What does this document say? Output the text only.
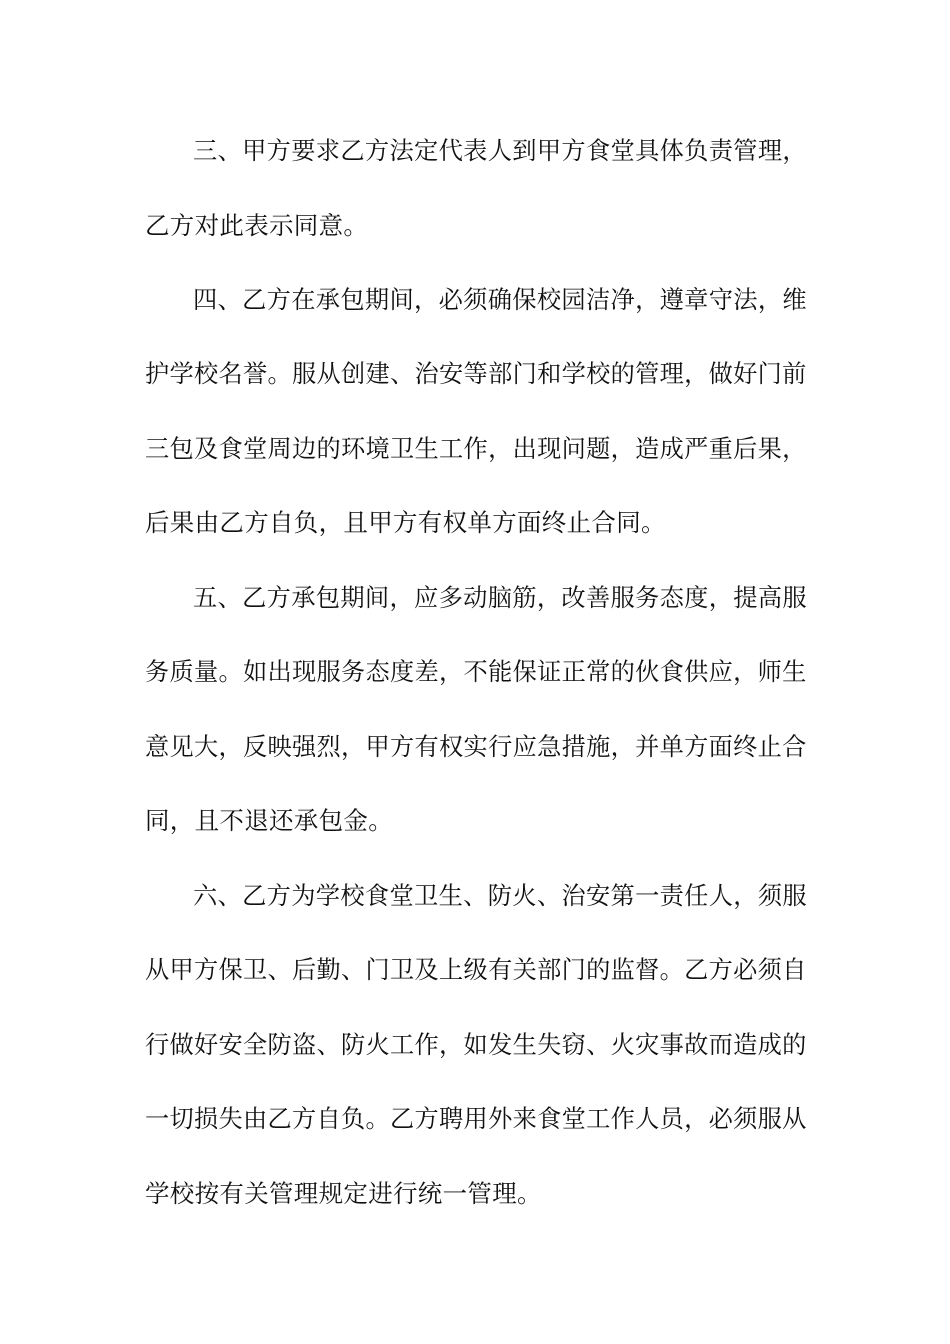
三、甲方要求乙方法定代表人到甲方食堂具体负责管理，
乙方对此表示同意。
四、乙方在承包期间，必须确保校园洁净，遵章守法，维
护学校名誉。服从创建、治安等部门和学校的管理，做好门前
三包及食堂周边的环境卫生工作，出现问题，造成严重后果，
后果由乙方自负，且甲方有权单方面终止合同。
五、乙方承包期间，应多动脑筋，改善服务态度，提高服
务质量。如出现服务态度差，不能保证正常的伙食供应，师生
意见大，反映强烈，甲方有权实行应急措施，并单方面终止合
同，且不退还承包金。
六、乙方为学校食堂卫生、防火、治安第一责任人，须服
从甲方保卫、后勤、门卫及上级有关部门的监督。乙方必须自
行做好安全防盗、防火工作，如发生失窃、火灾事故而造成的
一切损失由乙方自负。乙方聘用外来食堂工作人员，必须服从
学校按有关管理规定进行统一管理。
